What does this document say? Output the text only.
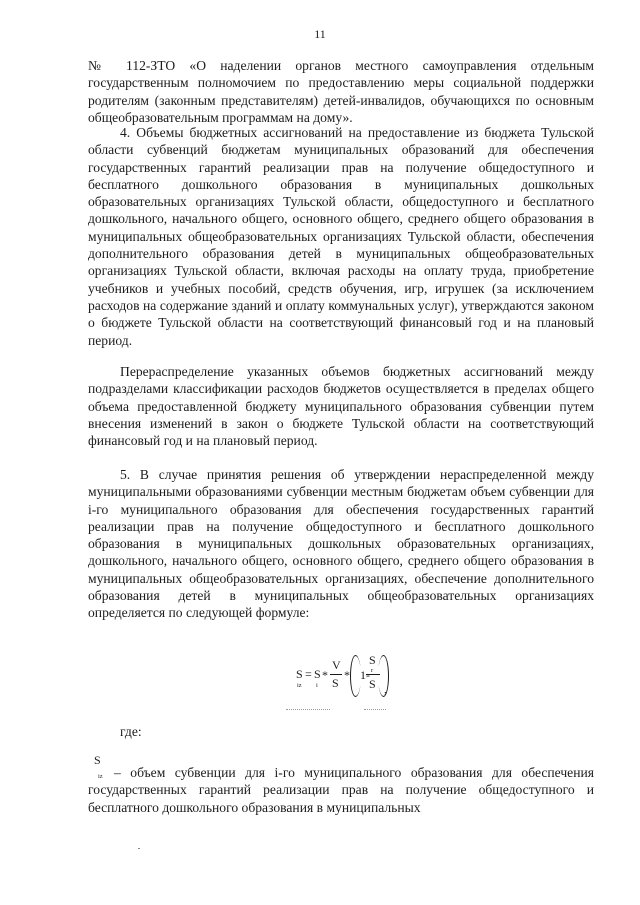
11

№ 112-ЗТО «О наделении органов местного самоуправления отдельным государственным полномочием по предоставлению меры социальной поддержки родителям (законным представителям) детей-инвалидов, обучающихся по основным общеобразовательным программам на дому».

4. Объемы бюджетных ассигнований на предоставление из бюджета Тульской области субвенций бюджетам муниципальных образований для обеспечения государственных гарантий реализации прав на получение общедоступного и бесплатного дошкольного образования в муниципальных дошкольных образовательных организациях Тульской области, общедоступного и бесплатного дошкольного, начального общего, основного общего, среднего общего образования в муниципальных общеобразовательных организациях Тульской области, обеспечения дополнительного образования детей в муниципальных общеобразовательных организациях Тульской области, включая расходы на оплату труда, приобретение учебников и учебных пособий, средств обучения, игр, игрушек (за исключением расходов на содержание зданий и оплату коммунальных услуг), утверждаются законом о бюджете Тульской области на соответствующий финансовый год и на плановый период.

Перераспределение указанных объемов бюджетных ассигнований между подразделами классификации расходов бюджетов осуществляется в пределах общего объема предоставленной бюджету муниципального образования субвенции путем внесения изменений в закон о бюджете Тульской области на соответствующий финансовый год и на плановый период.

5. В случае принятия решения об утверждении нераспределенной между муниципальными образованиями субвенции местным бюджетам объем субвенции для i-го муниципального образования для обеспечения государственных гарантий реализации прав на получение общедоступного и бесплатного дошкольного образования в муниципальных дошкольных образовательных организациях, дошкольного, начального общего, основного общего, среднего общего образования в муниципальных общеобразовательных организациях, обеспечение дополнительного образования детей в муниципальных общеобразовательных организациях определяется по следующей формуле:

S
iz
= S
i
*
V
S
* 1-
S
r
S ,
где:
S
iz – объем субвенции для i-го муниципального образования для обеспечения государственных гарантий реализации прав на получение общедоступного и бесплатного дошкольного образования в муниципальных
